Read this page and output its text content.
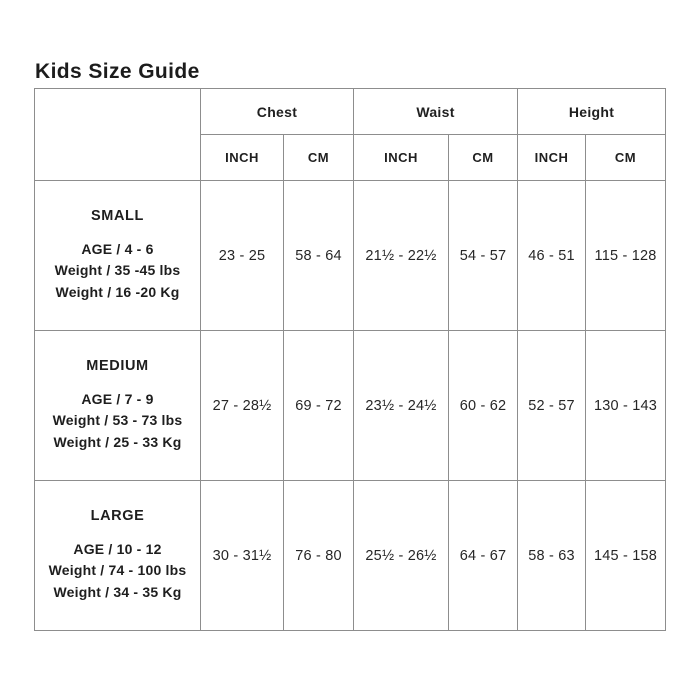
Kids Size Guide
	Chest		Waist		Height	
	INCH	CM	INCH	CM	INCH	CM

SMALL
AGE / 4 - 6
Weight / 35 -45 lbs
Weight / 16 -20 Kg	23 - 25	58 - 64	21½ - 22½	54 - 57	46 - 51	115 - 128

MEDIUM
AGE / 7 - 9
Weight / 53 - 73 lbs
Weight / 25 - 33 Kg	27 - 28½	69 - 72	23½ - 24½	60 - 62	52 - 57	130 - 143

LARGE
AGE / 10 - 12
Weight / 74 - 100 lbs
Weight / 34 - 35 Kg	30 - 31½	76 - 80	25½ - 26½	64 - 67	58 - 63	145 - 158
